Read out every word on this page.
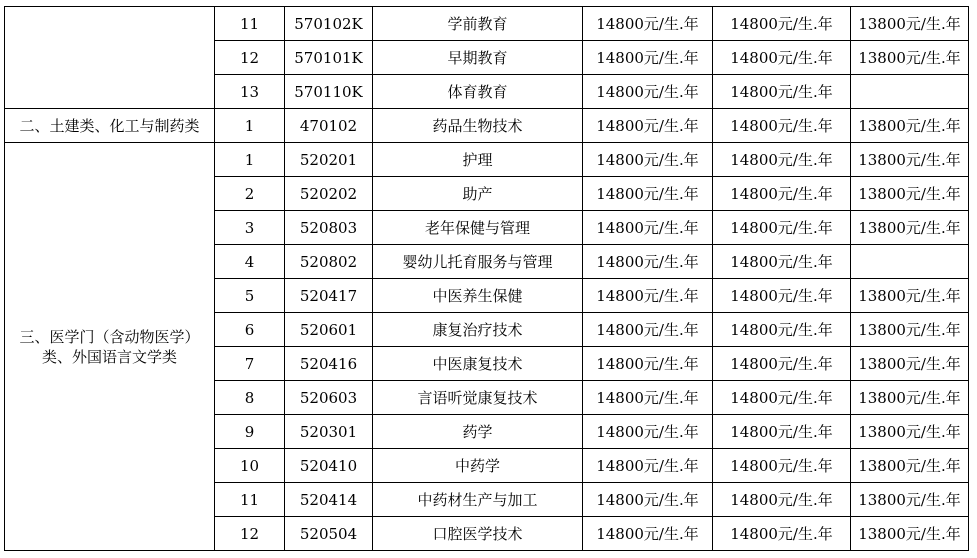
	11	570102K	学前教育	14800元/生.年	14800元/生.年	13800元/生.年
	12	570101K	早期教育	14800元/生.年	14800元/生.年	13800元/生.年
	13	570110K	体育教育	14800元/生.年	14800元/生.年	
二、土建类、化工与制药类	1	470102	药品生物技术	14800元/生.年	14800元/生.年	13800元/生.年

三、医学门（含动物医学）
类、外国语言文学类	1	520201	护理	14800元/生.年	14800元/生.年	13800元/生.年
	2	520202	助产	14800元/生.年	14800元/生.年	13800元/生.年
	3	520803	老年保健与管理	14800元/生.年	14800元/生.年	13800元/生.年
	4	520802	婴幼儿托育服务与管理	14800元/生.年	14800元/生.年	
	5	520417	中医养生保健	14800元/生.年	14800元/生.年	13800元/生.年
	6	520601	康复治疗技术	14800元/生.年	14800元/生.年	13800元/生.年
	7	520416	中医康复技术	14800元/生.年	14800元/生.年	13800元/生.年
	8	520603	言语听觉康复技术	14800元/生.年	14800元/生.年	13800元/生.年
	9	520301	药学	14800元/生.年	14800元/生.年	13800元/生.年
	10	520410	中药学	14800元/生.年	14800元/生.年	13800元/生.年
	11	520414	中药材生产与加工	14800元/生.年	14800元/生.年	13800元/生.年
	12	520504	口腔医学技术	14800元/生.年	14800元/生.年	13800元/生.年
